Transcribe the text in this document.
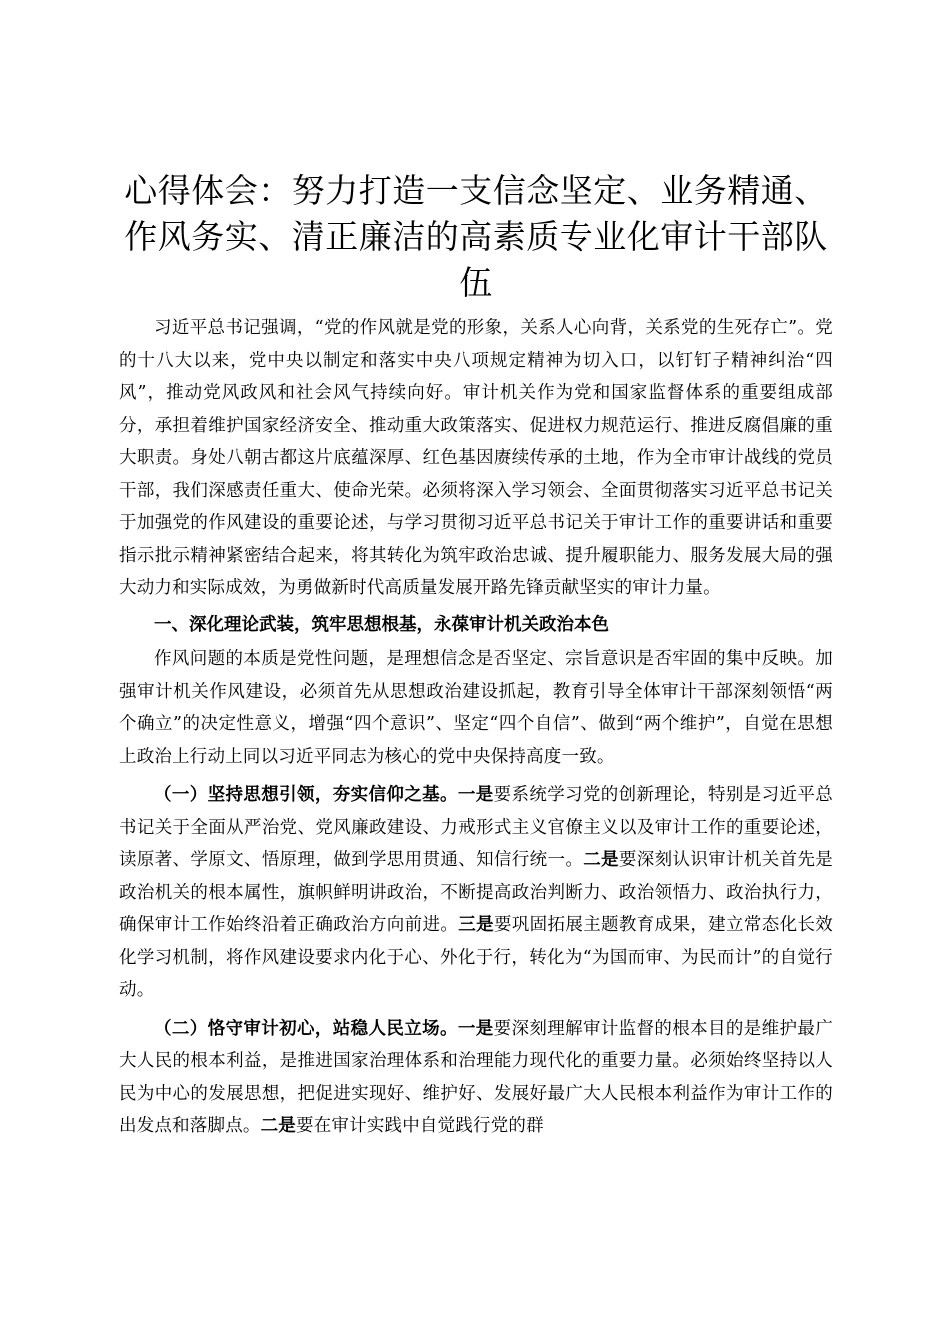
心得体会：努力打造一支信念坚定、业务精通、作风务实、清正廉洁的高素质专业化审计干部队伍

习近平总书记强调，“党的作风就是党的形象，关系人心向背，关系党的生死存亡”。党的十八大以来，党中央以制定和落实中央八项规定精神为切入口，以钉钉子精神纠治“四风”，推动党风政风和社会风气持续向好。审计机关作为党和国家监督体系的重要组成部分，承担着维护国家经济安全、推动重大政策落实、促进权力规范运行、推进反腐倡廉的重大职责。身处八朝古都这片底蕴深厚、红色基因赓续传承的土地，作为全市审计战线的党员干部，我们深感责任重大、使命光荣。必须将深入学习领会、全面贯彻落实习近平总书记关于加强党的作风建设的重要论述，与学习贯彻习近平总书记关于审计工作的重要讲话和重要指示批示精神紧密结合起来，将其转化为筑牢政治忠诚、提升履职能力、服务发展大局的强大动力和实际成效，为勇做新时代高质量发展开路先锋贡献坚实的审计力量。

一、深化理论武装，筑牢思想根基，永葆审计机关政治本色

作风问题的本质是党性问题，是理想信念是否坚定、宗旨意识是否牢固的集中反映。加强审计机关作风建设，必须首先从思想政治建设抓起，教育引导全体审计干部深刻领悟“两个确立”的决定性意义，增强“四个意识”、坚定“四个自信”、做到“两个维护”，自觉在思想上政治上行动上同以习近平同志为核心的党中央保持高度一致。

（一）坚持思想引领，夯实信仰之基。一是要系统学习党的创新理论，特别是习近平总书记关于全面从严治党、党风廉政建设、力戒形式主义官僚主义以及审计工作的重要论述，读原著、学原文、悟原理，做到学思用贯通、知信行统一。二是要深刻认识审计机关首先是政治机关的根本属性，旗帜鲜明讲政治，不断提高政治判断力、政治领悟力、政治执行力，确保审计工作始终沿着正确政治方向前进。三是要巩固拓展主题教育成果，建立常态化长效化学习机制，将作风建设要求内化于心、外化于行，转化为“为国而审、为民而计”的自觉行动。

（二）恪守审计初心，站稳人民立场。一是要深刻理解审计监督的根本目的是维护最广大人民的根本利益，是推进国家治理体系和治理能力现代化的重要力量。必须始终坚持以人民为中心的发展思想，把促进实现好、维护好、发展好最广大人民根本利益作为审计工作的出发点和落脚点。二是要在审计实践中自觉践行党的群
